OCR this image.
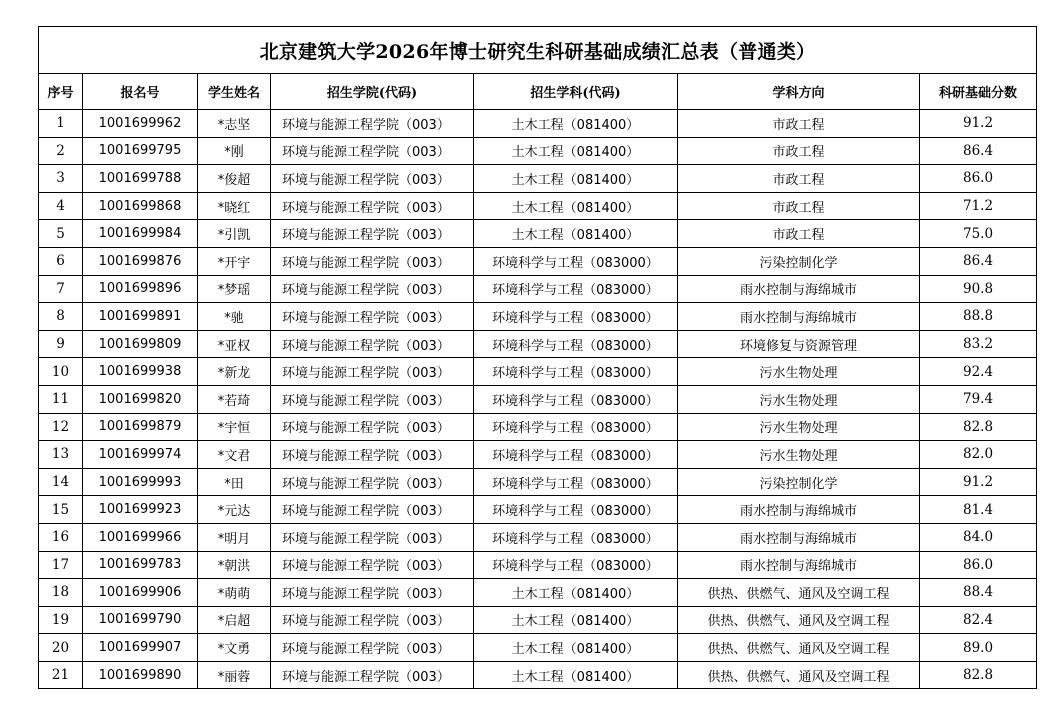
北京建筑大学2026年博士研究生科研基础成绩汇总表（普通类）						
序号	报名号	学生姓名	招生学院(代码)	招生学科(代码)	学科方向	科研基础分数
1	1001699962	*志坚	环境与能源工程学院（003）	土木工程（081400）	市政工程	91.2
2	1001699795	*刚	环境与能源工程学院（003）	土木工程（081400）	市政工程	86.4
3	1001699788	*俊超	环境与能源工程学院（003）	土木工程（081400）	市政工程	86.0
4	1001699868	*晓红	环境与能源工程学院（003）	土木工程（081400）	市政工程	71.2
5	1001699984	*引凯	环境与能源工程学院（003）	土木工程（081400）	市政工程	75.0
6	1001699876	*开宇	环境与能源工程学院（003）	环境科学与工程（083000）	污染控制化学	86.4
7	1001699896	*梦瑶	环境与能源工程学院（003）	环境科学与工程（083000）	雨水控制与海绵城市	90.8
8	1001699891	*驰	环境与能源工程学院（003）	环境科学与工程（083000）	雨水控制与海绵城市	88.8
9	1001699809	*亚权	环境与能源工程学院（003）	环境科学与工程（083000）	环境修复与资源管理	83.2
10	1001699938	*新龙	环境与能源工程学院（003）	环境科学与工程（083000）	污水生物处理	92.4
11	1001699820	*若琦	环境与能源工程学院（003）	环境科学与工程（083000）	污水生物处理	79.4
12	1001699879	*宇恒	环境与能源工程学院（003）	环境科学与工程（083000）	污水生物处理	82.8
13	1001699974	*文君	环境与能源工程学院（003）	环境科学与工程（083000）	污水生物处理	82.0
14	1001699993	*田	环境与能源工程学院（003）	环境科学与工程（083000）	污染控制化学	91.2
15	1001699923	*元达	环境与能源工程学院（003）	环境科学与工程（083000）	雨水控制与海绵城市	81.4
16	1001699966	*明月	环境与能源工程学院（003）	环境科学与工程（083000）	雨水控制与海绵城市	84.0
17	1001699783	*朝洪	环境与能源工程学院（003）	环境科学与工程（083000）	雨水控制与海绵城市	86.0
18	1001699906	*萌萌	环境与能源工程学院（003）	土木工程（081400）	供热、供燃气、通风及空调工程	88.4
19	1001699790	*启超	环境与能源工程学院（003）	土木工程（081400）	供热、供燃气、通风及空调工程	82.4
20	1001699907	*文勇	环境与能源工程学院（003）	土木工程（081400）	供热、供燃气、通风及空调工程	89.0
21	1001699890	*丽蓉	环境与能源工程学院（003）	土木工程（081400）	供热、供燃气、通风及空调工程	82.8
